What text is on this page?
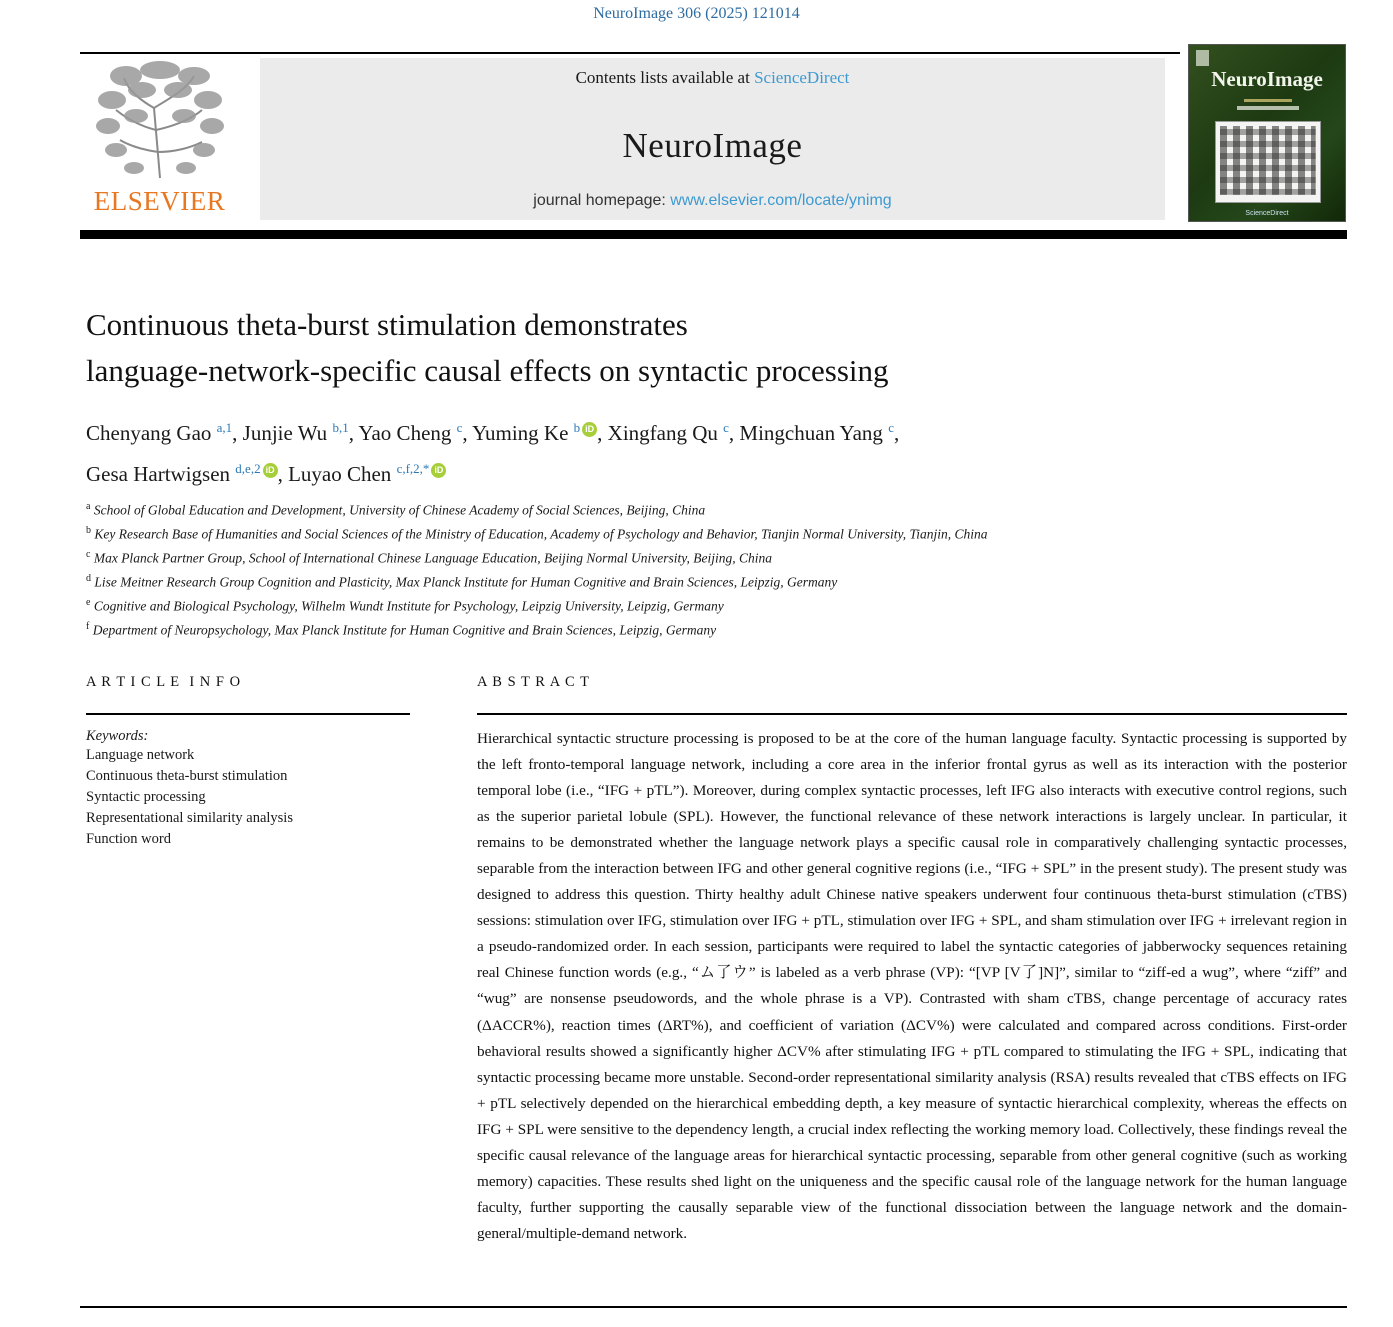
NeuroImage 306 (2025) 121014
ELSEVIER
Contents lists available at ScienceDirect
NeuroImage
journal homepage: www.elsevier.com/locate/ynimg
NeuroImage
ScienceDirect
Continuous theta-burst stimulation demonstrates
language-network-specific causal effects on syntactic processing
Chenyang Gao $^{a,1}$, Junjie Wu $^{b,1}$, Yao Cheng $^c$, Yuming Ke $^b$ iD , Xingfang Qu $^c$, Mingchuan Yang $^c$,
Gesa Hartwigsen $^{d,e,2}$ iD , Luyao Chen $^{c,f,2,*}$ iD
$^a$ School of Global Education and Development, University of Chinese Academy of Social Sciences, Beijing, China
$^b$ Key Research Base of Humanities and Social Sciences of the Ministry of Education, Academy of Psychology and Behavior, Tianjin Normal University, Tianjin, China
$^c$ Max Planck Partner Group, School of International Chinese Language Education, Beijing Normal University, Beijing, China
$^d$ Lise Meitner Research Group Cognition and Plasticity, Max Planck Institute for Human Cognitive and Brain Sciences, Leipzig, Germany
$^e$ Cognitive and Biological Psychology, Wilhelm Wundt Institute for Psychology, Leipzig University, Leipzig, Germany
$^f$ Department of Neuropsychology, Max Planck Institute for Human Cognitive and Brain Sciences, Leipzig, Germany
A R T I C L E  I N F O
Keywords:
Language network
Continuous theta-burst stimulation
Syntactic processing
Representational similarity analysis
Function word
A B S T R A C T
Hierarchical syntactic structure processing is proposed to be at the core of the human language faculty. Syntactic processing is supported by the left fronto-temporal language network, including a core area in the inferior frontal gyrus as well as its interaction with the posterior temporal lobe (i.e., “IFG + pTL”). Moreover, during complex syntactic processes, left IFG also interacts with executive control regions, such as the superior parietal lobule (SPL). However, the functional relevance of these network interactions is largely unclear. In particular, it remains to be demonstrated whether the language network plays a specific causal role in comparatively challenging syntactic processes, separable from the interaction between IFG and other general cognitive regions (i.e., “IFG + SPL” in the present study). The present study was designed to address this question. Thirty healthy adult Chinese native speakers underwent four continuous theta-burst stimulation (cTBS) sessions: stimulation over IFG, stimulation over IFG + pTL, stimulation over IFG + SPL, and sham stimulation over IFG + irrelevant region in a pseudo-randomized order. In each session, participants were required to label the syntactic categories of jabberwocky sequences retaining real Chinese function words (e.g., “ム了ウ” is labeled as a verb phrase (VP): “[VP [V了]N]”, similar to “ziff-ed a wug”, where “ziff” and “wug” are nonsense pseudowords, and the whole phrase is a VP). Contrasted with sham cTBS, change percentage of accuracy rates (ΔACCR%), reaction times (ΔRT%), and coefficient of variation (ΔCV%) were calculated and compared across conditions. First-order behavioral results showed a significantly higher ΔCV% after stimulating IFG + pTL compared to stimulating the IFG + SPL, indicating that syntactic processing became more unstable. Second-order representational similarity analysis (RSA) results revealed that cTBS effects on IFG + pTL selectively depended on the hierarchical embedding depth, a key measure of syntactic hierarchical complexity, whereas the effects on IFG + SPL were sensitive to the dependency length, a crucial index reflecting the working memory load. Collectively, these findings reveal the specific causal relevance of the language areas for hierarchical syntactic processing, separable from other general cognitive (such as working memory) capacities. These results shed light on the uniqueness and the specific causal role of the language network for the human language faculty, further supporting the causally separable view of the functional dissociation between the language network and the domain-general/multiple-demand network.
